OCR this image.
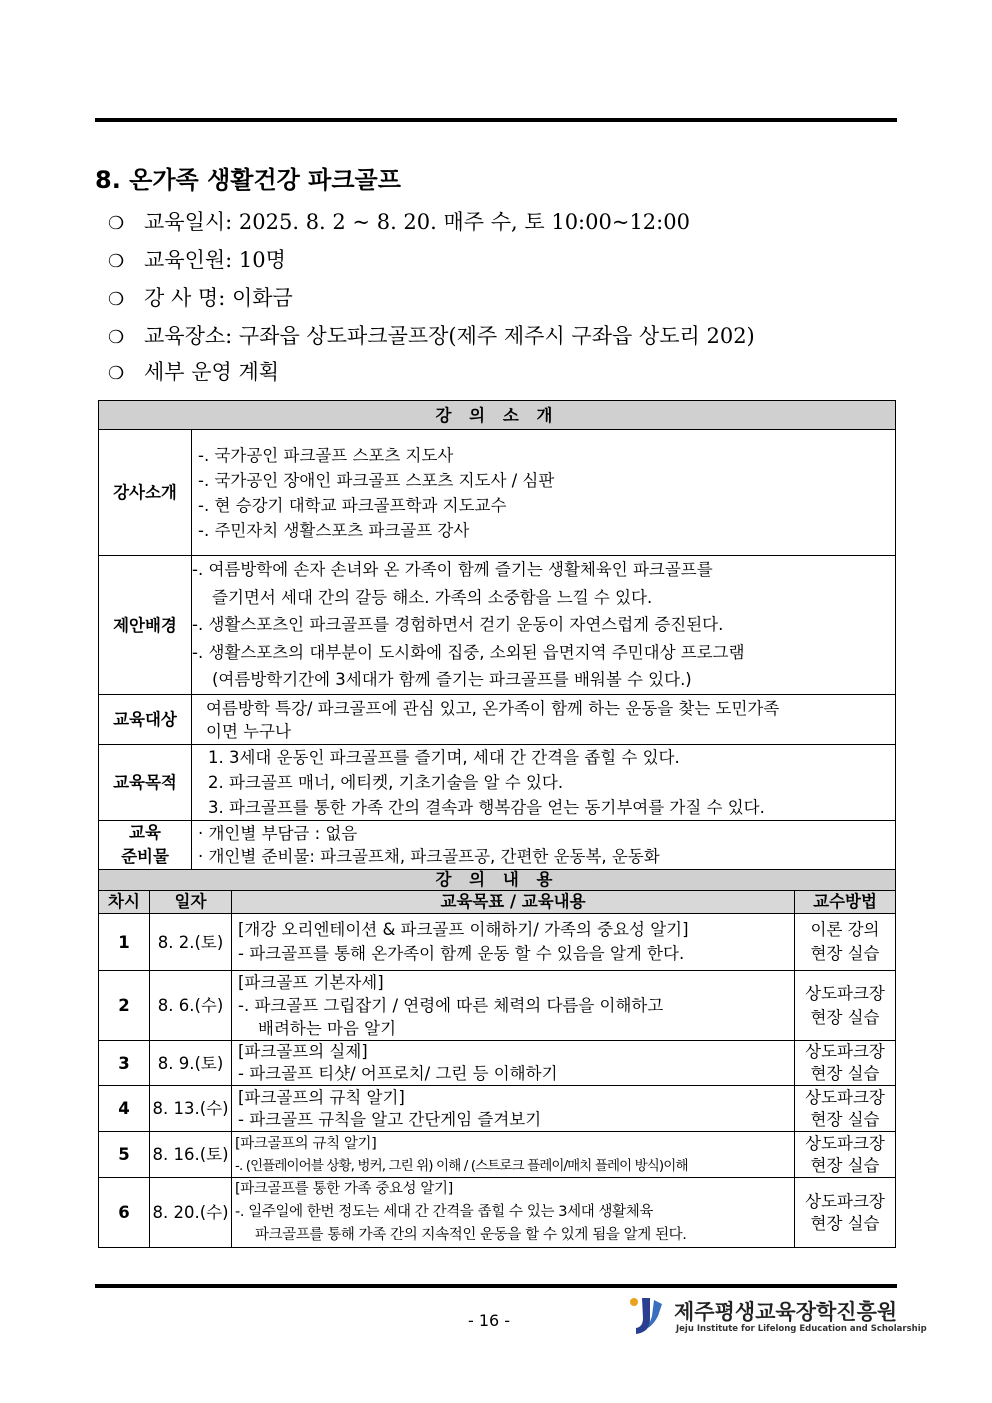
8. 온가족 생활건강 파크골프
❍ 교육일시: 2025. 8. 2 ~ 8. 20. 매주 수, 토 10:00~12:00
❍ 교육인원: 10명
❍ 강 사 명: 이화금
❍ 교육장소: 구좌읍 상도파크골프장(제주 제주시 구좌읍 상도리 202)
❍ 세부 운영 계획
강 의 소 개				
강사소개		-. 국가공인 파크골프 스포츠 지도사
-. 국가공인 장애인 파크골프 스포츠 지도사 / 심판
-. 현 승강기 대학교 파크골프학과 지도교수
-. 주민자치 생활스포츠 파크골프 강사		

제안배경		-. 여름방학에 손자 손녀와 온 가족이 함께 즐기는 생활체육인 파크골프를
즐기면서 세대 간의 갈등 해소. 가족의 소중함을 느낄 수 있다.
-. 생활스포츠인 파크골프를 경험하면서 걷기 운동이 자연스럽게 증진된다.
-. 생활스포츠의 대부분이 도시화에 집중, 소외된 읍면지역 주민대상 프로그램
(여름방학기간에 3세대가 함께 즐기는 파크골프를 배워볼 수 있다.)		

교육대상		여름방학 특강/ 파크골프에 관심 있고, 온가족이 함께 하는 운동을 찾는 도민가족
이면 누구나		

교육목적		1. 3세대 운동인 파크골프를 즐기며, 세대 간 간격을 좁힐 수 있다.
2. 파크골프 매너, 에티켓, 기초기술을 알 수 있다.
3. 파크골프를 통한 가족 간의 결속과 행복감을 얻는 동기부여를 가질 수 있다.		

교육
준비물		· 개인별 부담금 : 없음
· 개인별 준비물: 파크골프채, 파크골프공, 간편한 운동복, 운동화		

강 의 내 용				
차시	일자		교육목표 / 교육내용	교수방법
1	8. 2.(토)		[개강 오리엔테이션 & 파크골프 이해하기/ 가족의 중요성 알기]
- 파크골프를 통해 온가족이 함께 운동 할 수 있음을 알게 한다.	이론 강의
현장 실습

2	8. 6.(수)		[파크골프 기본자세]
-. 파크골프 그립잡기 / 연령에 따른 체력의 다름을 이해하고
배려하는 마음 알기	상도파크장
현장 실습

3	8. 9.(토)		[파크골프의 실제]
- 파크골프 티샷/ 어프로치/ 그린 등 이해하기	상도파크장
현장 실습

4	8. 13.(수)		[파크골프의 규칙 알기]
- 파크골프 규칙을 알고 간단게임 즐겨보기	상도파크장
현장 실습

5	8. 16.(토)		[파크골프의 규칙 알기]
-. (인플레이어블 상황, 벙커, 그린 위) 이해 / (스트로크 플레이/매치 플레이 방식)이해	상도파크장
현장 실습

6	8. 20.(수)		[파크골프를 통한 가족 중요성 알기]
-. 일주일에 한번 정도는 세대 간 간격을 좁힐 수 있는 3세대 생활체육
파크골프를 통해 가족 간의 지속적인 운동을 할 수 있게 됨을 알게 된다.	상도파크장
현장 실습
- 16 -	제주평생교육장학진흥원
Jeju Institute for Lifelong Education and Scholarship
